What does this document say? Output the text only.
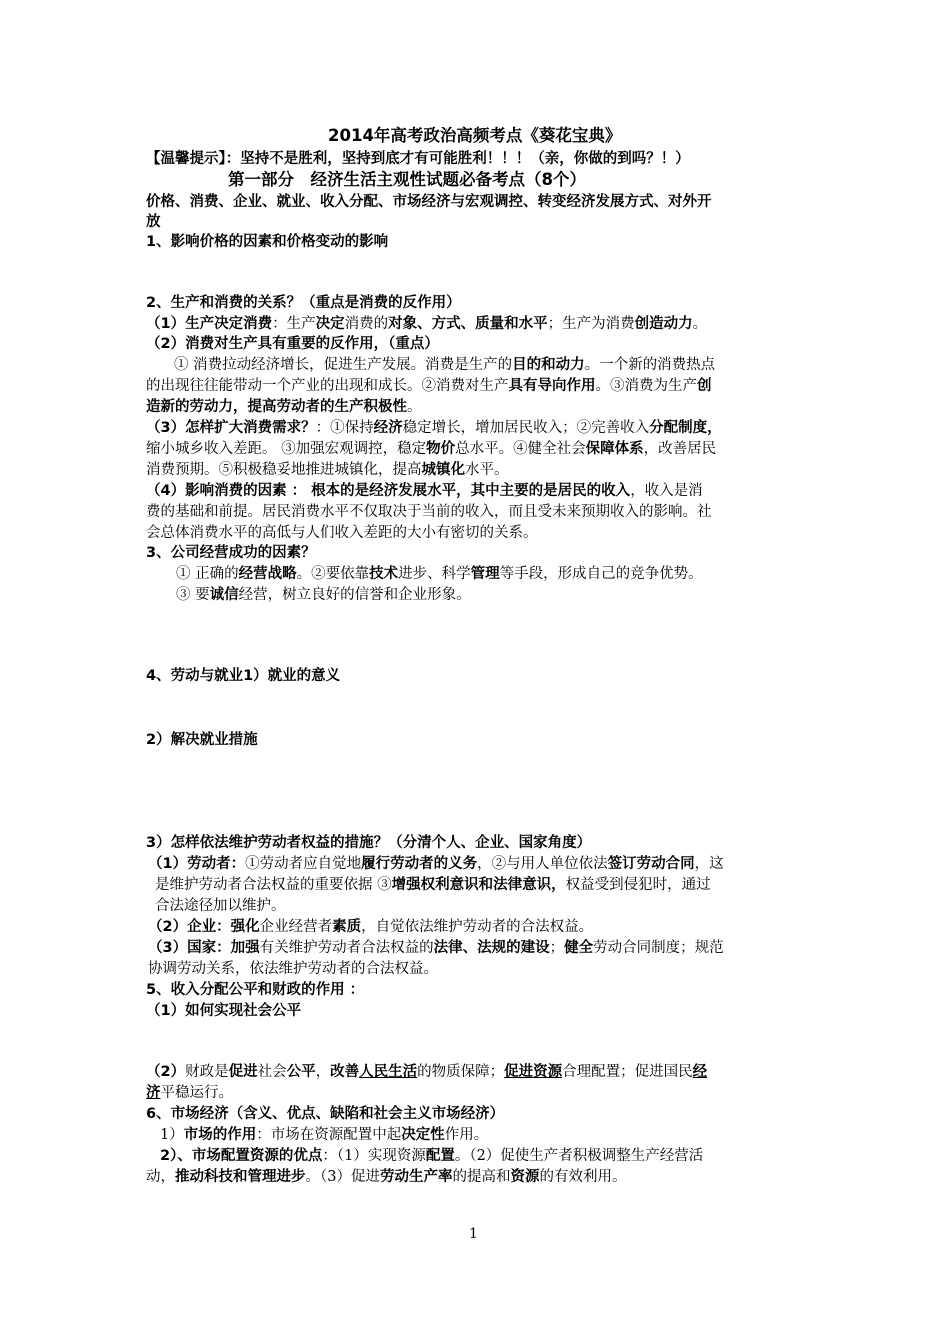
2014年高考政治高频考点《葵花宝典》
【温馨提示】：坚持不是胜利，坚持到底才有可能胜利！！！（亲，你做的到吗？！）
第一部分　经济生活主观性试题必备考点（8个）
价格、消费、企业、就业、收入分配、市场经济与宏观调控、转变经济发展方式、对外开
放
1、影响价格的因素和价格变动的影响
2、生产和消费的关系？（重点是消费的反作用）
（1）生产决定消费：生产决定消费的对象、方式、质量和水平；生产为消费创造动力。
（2）消费对生产具有重要的反作用，（重点）
① 消费拉动经济增长，促进生产发展。消费是生产的目的和动力。一个新的消费热点
的出现往往能带动一个产业的出现和成长。②消费对生产具有导向作用。③消费为生产创
造新的劳动力，提高劳动者的生产积极性。
（3）怎样扩大消费需求？：①保持经济稳定增长，增加居民收入；②完善收入分配制度，
缩小城乡收入差距。 ③加强宏观调控，稳定物价总水平。④健全社会保障体系，改善居民
消费预期。⑤积极稳妥地推进城镇化，提高城镇化水平。
（4）影响消费的因素 ： 根本的是经济发展水平，其中主要的是居民的收入，收入是消
费的基础和前提。居民消费水平不仅取决于当前的收入，而且受未来预期收入的影响。社
会总体消费水平的高低与人们收入差距的大小有密切的关系。
3、公司经营成功的因素？
① 正确的经营战略。②要依靠技术进步、科学管理等手段，形成自己的竞争优势。
③ 要诚信经营，树立良好的信誉和企业形象。
4、劳动与就业1）就业的意义
2）解决就业措施
3）怎样依法维护劳动者权益的措施？（分清个人、企业、国家角度）
（1）劳动者：①劳动者应自觉地履行劳动者的义务，②与用人单位依法签订劳动合同，这
是维护劳动者合法权益的重要依据 ③增强权利意识和法律意识，权益受到侵犯时，通过
合法途径加以维护。
（2）企业：强化企业经营者素质，自觉依法维护劳动者的合法权益。
（3）国家：加强有关维护劳动者合法权益的法律、法规的建设；健全劳动合同制度；规范
协调劳动关系，依法维护劳动者的合法权益。
5、收入分配公平和财政的作用 ：
（1）如何实现社会公平
（2）财政是促进社会公平，改善人民生活的物质保障；促进资源合理配置；促进国民经
济平稳运行。
6、市场经济（含义、优点、缺陷和社会主义市场经济）
1）市场的作用：市场在资源配置中起决定性作用。
2）、市场配置资源的优点：（1）实现资源配置。（2）促使生产者积极调整生产经营活
动，推动科技和管理进步。（3）促进劳动生产率的提高和资源的有效利用。
1
